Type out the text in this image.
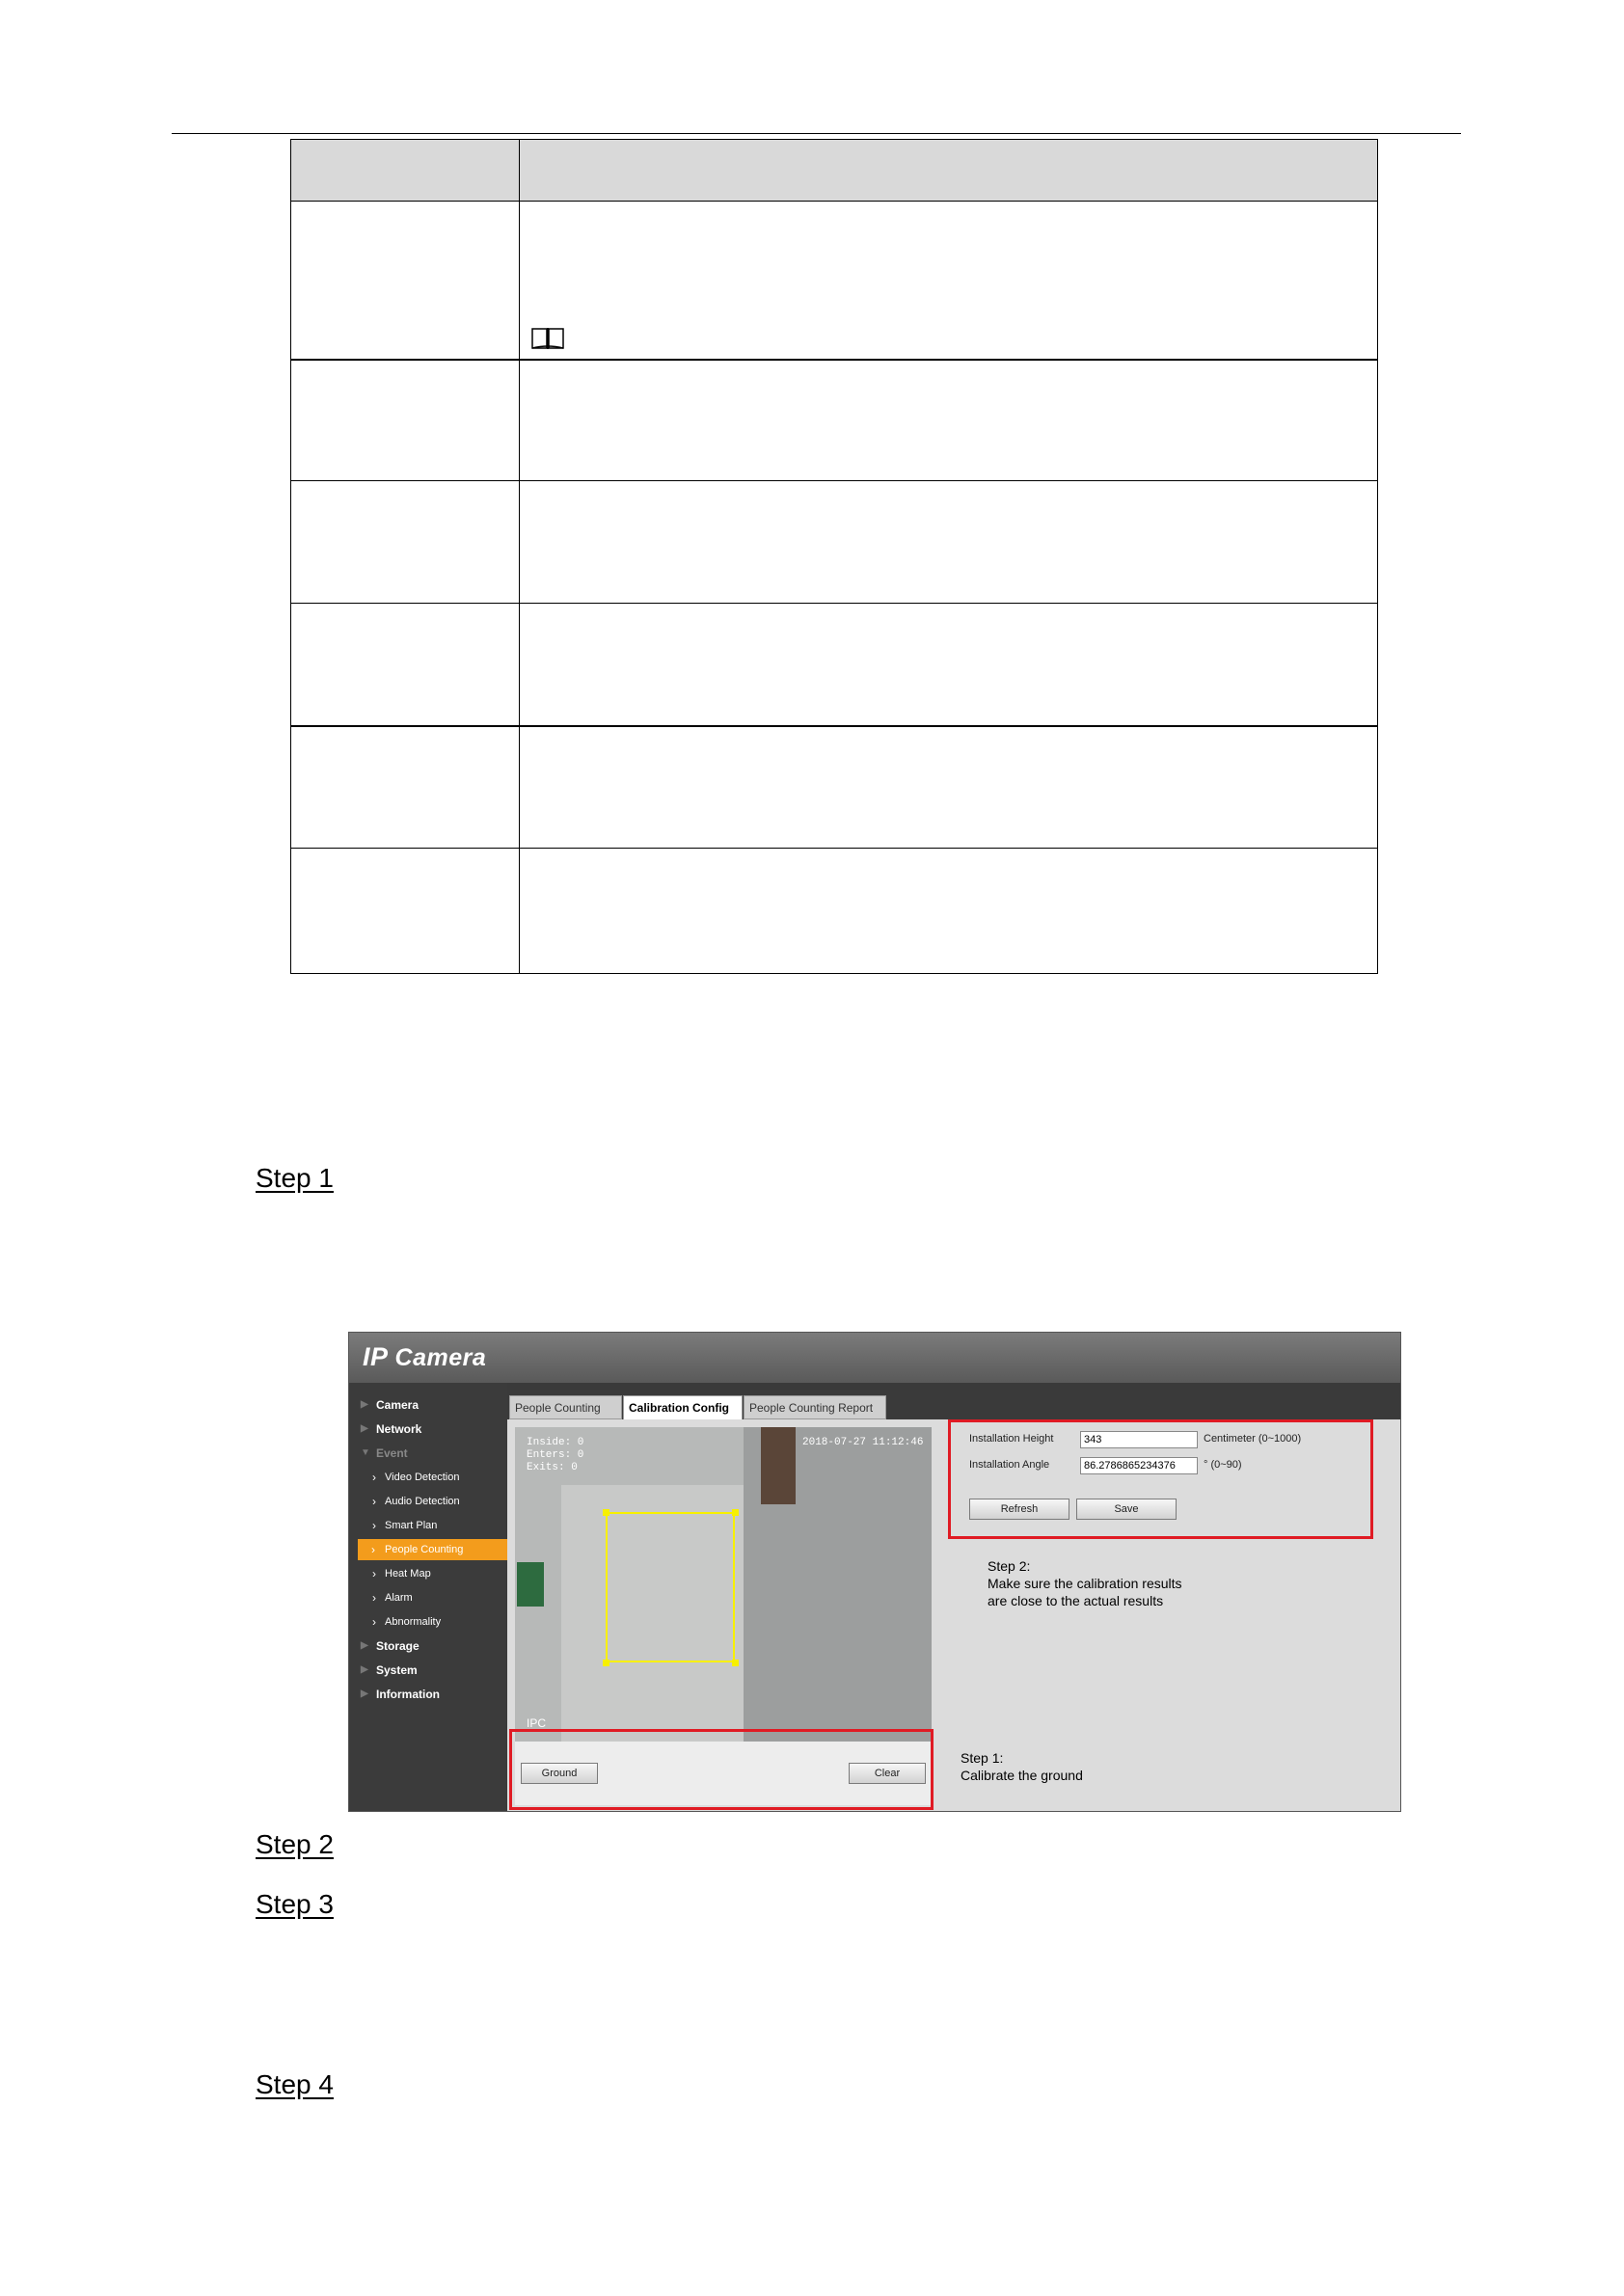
Step 1
IP Camera
▶ Camera
▶ Network
▼ Event
› Video Detection
› Audio Detection
› Smart Plan
› People Counting
› Heat Map
› Alarm
› Abnormality
▶ Storage
▶ System
▶ Information
People Counting	Calibration Config	People Counting Report
Inside: 0
Enters: 0
Exits: 0
2018-07-27 11:12:46
IPC
Ground	Clear
Installation Height	343	Centimeter (0~1000)
Installation Angle	86.2786865234376	° (0~90)
Refresh	Save
Step 2:
Make sure the calibration results
are close to the actual results
Step 1:
Calibrate the ground
Step 2
Step 3
Step 4
